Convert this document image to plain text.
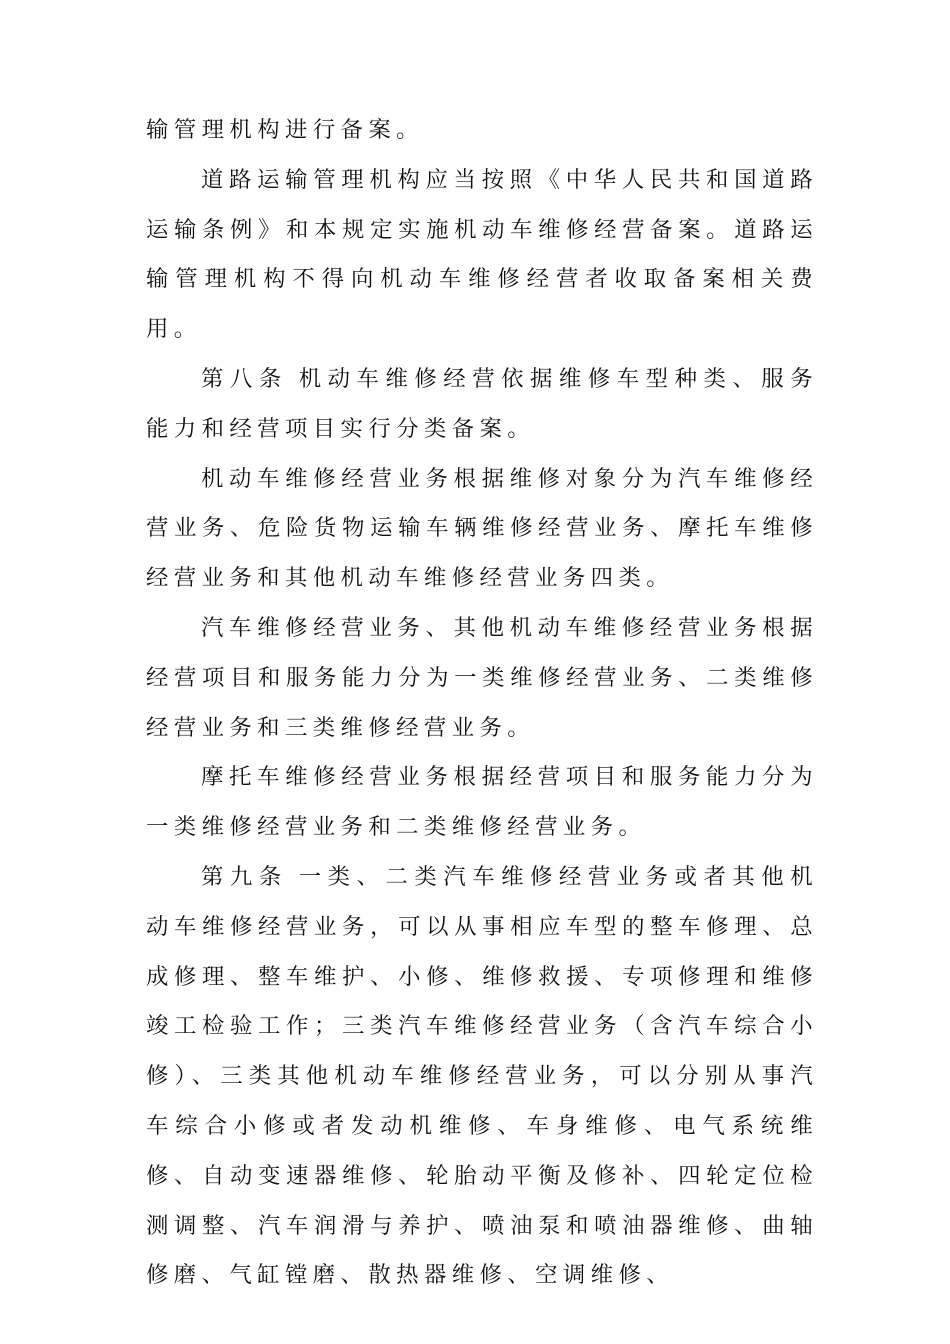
输管理机构进行备案。

道路运输管理机构应当按照《中华人民共和国道路运输条例》和本规定实施机动车维修经营备案。道路运输管理机构不得向机动车维修经营者收取备案相关费用。

第八条 机动车维修经营依据维修车型种类、服务能力和经营项目实行分类备案。

机动车维修经营业务根据维修对象分为汽车维修经营业务、危险货物运输车辆维修经营业务、摩托车维修经营业务和其他机动车维修经营业务四类。

汽车维修经营业务、其他机动车维修经营业务根据经营项目和服务能力分为一类维修经营业务、二类维修经营业务和三类维修经营业务。

摩托车维修经营业务根据经营项目和服务能力分为一类维修经营业务和二类维修经营业务。

第九条 一类、二类汽车维修经营业务或者其他机动车维修经营业务，可以从事相应车型的整车修理、总成修理、整车维护、小修、维修救援、专项修理和维修竣工检验工作；三类汽车维修经营业务（含汽车综合小修）、三类其他机动车维修经营业务，可以分别从事汽车综合小修或者发动机维修、车身维修、电气系统维修、自动变速器维修、轮胎动平衡及修补、四轮定位检测调整、汽车润滑与养护、喷油泵和喷油器维修、曲轴修磨、气缸镗磨、散热器维修、空调维修、
